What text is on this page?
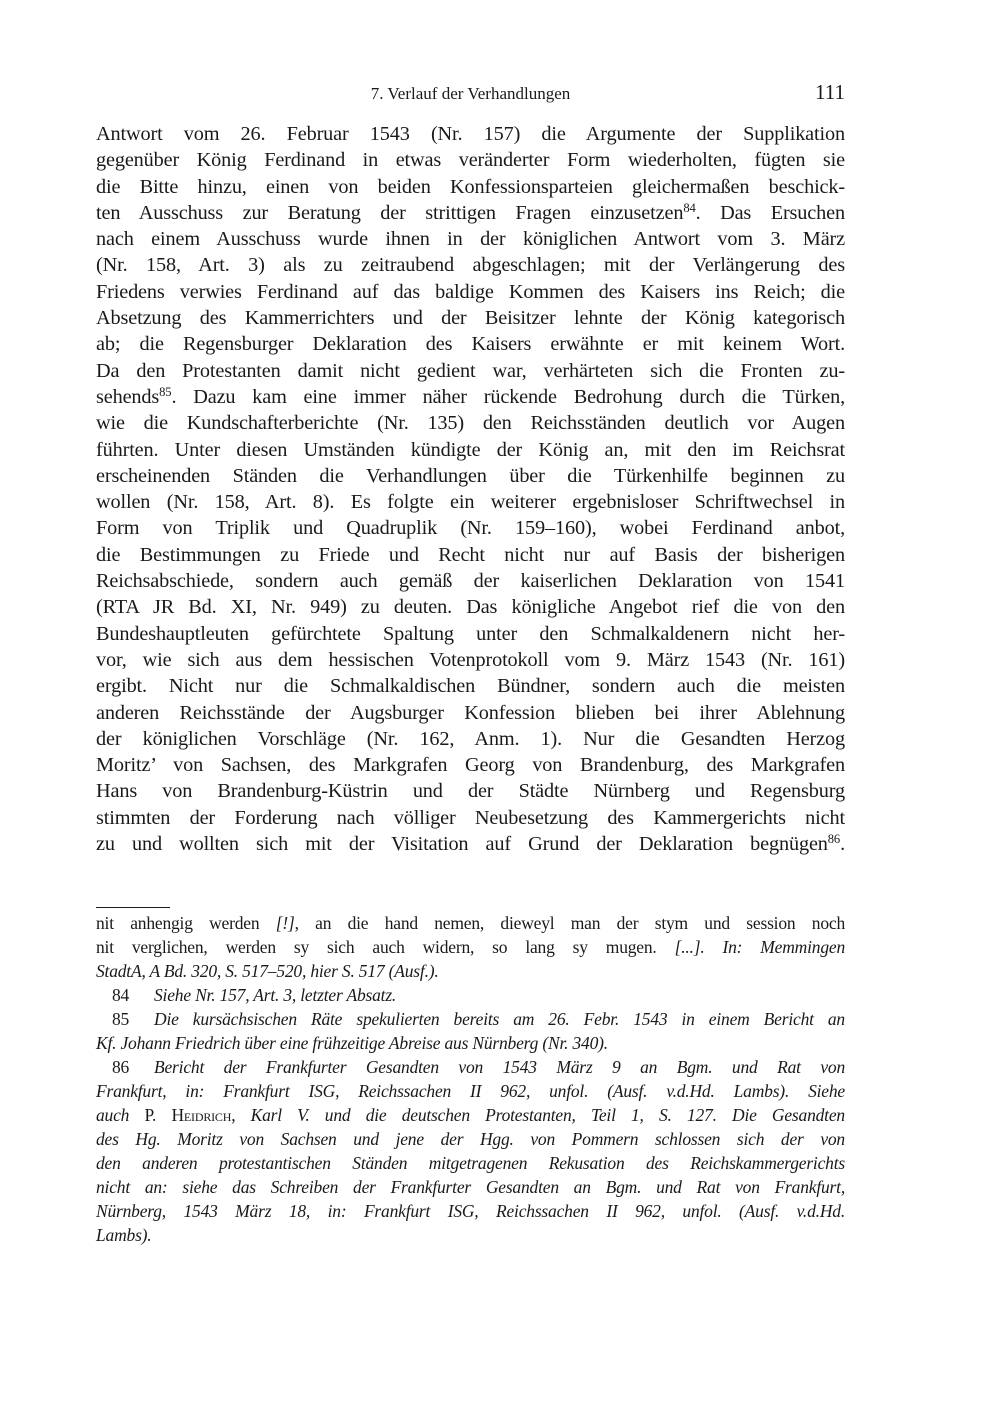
7. Verlauf der Verhandlungen	111
Antwort vom 26. Februar 1543 (Nr. 157) die Argumente der Supplikation
gegenüber König Ferdinand in etwas veränderter Form wiederholten, fügten sie
die Bitte hinzu, einen von beiden Konfessionsparteien gleichermaßen beschick-
ten Ausschuss zur Beratung der strittigen Fragen einzusetzen$^{84}$. Das Ersuchen
nach einem Ausschuss wurde ihnen in der königlichen Antwort vom 3. März
(Nr. 158, Art. 3) als zu zeitraubend abgeschlagen; mit der Verlängerung des
Friedens verwies Ferdinand auf das baldige Kommen des Kaisers ins Reich; die
Absetzung des Kammerrichters und der Beisitzer lehnte der König kategorisch
ab; die Regensburger Deklaration des Kaisers erwähnte er mit keinem Wort.
Da den Protestanten damit nicht gedient war, verhärteten sich die Fronten zu-
sehends$^{85}$. Dazu kam eine immer näher rückende Bedrohung durch die Türken,
wie die Kundschafterberichte (Nr. 135) den Reichsständen deutlich vor Augen
führten. Unter diesen Umständen kündigte der König an, mit den im Reichsrat
erscheinenden Ständen die Verhandlungen über die Türkenhilfe beginnen zu
wollen (Nr. 158, Art. 8). Es folgte ein weiterer ergebnisloser Schriftwechsel in
Form von Triplik und Quadruplik (Nr. 159–160), wobei Ferdinand anbot,
die Bestimmungen zu Friede und Recht nicht nur auf Basis der bisherigen
Reichsabschiede, sondern auch gemäß der kaiserlichen Deklaration von 1541
(RTA JR Bd. XI, Nr. 949) zu deuten. Das königliche Angebot rief die von den
Bundeshauptleuten gefürchtete Spaltung unter den Schmalkaldenern nicht her-
vor, wie sich aus dem hessischen Votenprotokoll vom 9. März 1543 (Nr. 161)
ergibt. Nicht nur die Schmalkaldischen Bündner, sondern auch die meisten
anderen Reichsstände der Augsburger Konfession blieben bei ihrer Ablehnung
der königlichen Vorschläge (Nr. 162, Anm. 1). Nur die Gesandten Herzog
Moritz’ von Sachsen, des Markgrafen Georg von Brandenburg, des Markgrafen
Hans von Brandenburg-Küstrin und der Städte Nürnberg und Regensburg
stimmten der Forderung nach völliger Neubesetzung des Kammergerichts nicht
zu und wollten sich mit der Visitation auf Grund der Deklaration begnügen$^{86}$.
nit anhengig werden [!], an die hand nemen, dieweyl man der stym und session noch
nit verglichen, werden sy sich auch widern, so lang sy mugen. [...]. In: Memmingen
StadtA, A Bd. 320, S. 517–520, hier S. 517 (Ausf.).
84 Siehe Nr. 157, Art. 3, letzter Absatz.
85 Die kursächsischen Räte spekulierten bereits am 26. Febr. 1543 in einem Bericht an
Kf. Johann Friedrich über eine frühzeitige Abreise aus Nürnberg (Nr. 340).
86 Bericht der Frankfurter Gesandten von 1543 März 9 an Bgm. und Rat von
Frankfurt, in: Frankfurt ISG, Reichssachen II 962, unfol. (Ausf. v.d.Hd. Lambs). Siehe
auch P. Heidrich, Karl V. und die deutschen Protestanten, Teil 1, S. 127. Die Gesandten
des Hg. Moritz von Sachsen und jene der Hgg. von Pommern schlossen sich der von
den anderen protestantischen Ständen mitgetragenen Rekusation des Reichskammergerichts
nicht an: siehe das Schreiben der Frankfurter Gesandten an Bgm. und Rat von Frankfurt,
Nürnberg, 1543 März 18, in: Frankfurt ISG, Reichssachen II 962, unfol. (Ausf. v.d.Hd.
Lambs).
